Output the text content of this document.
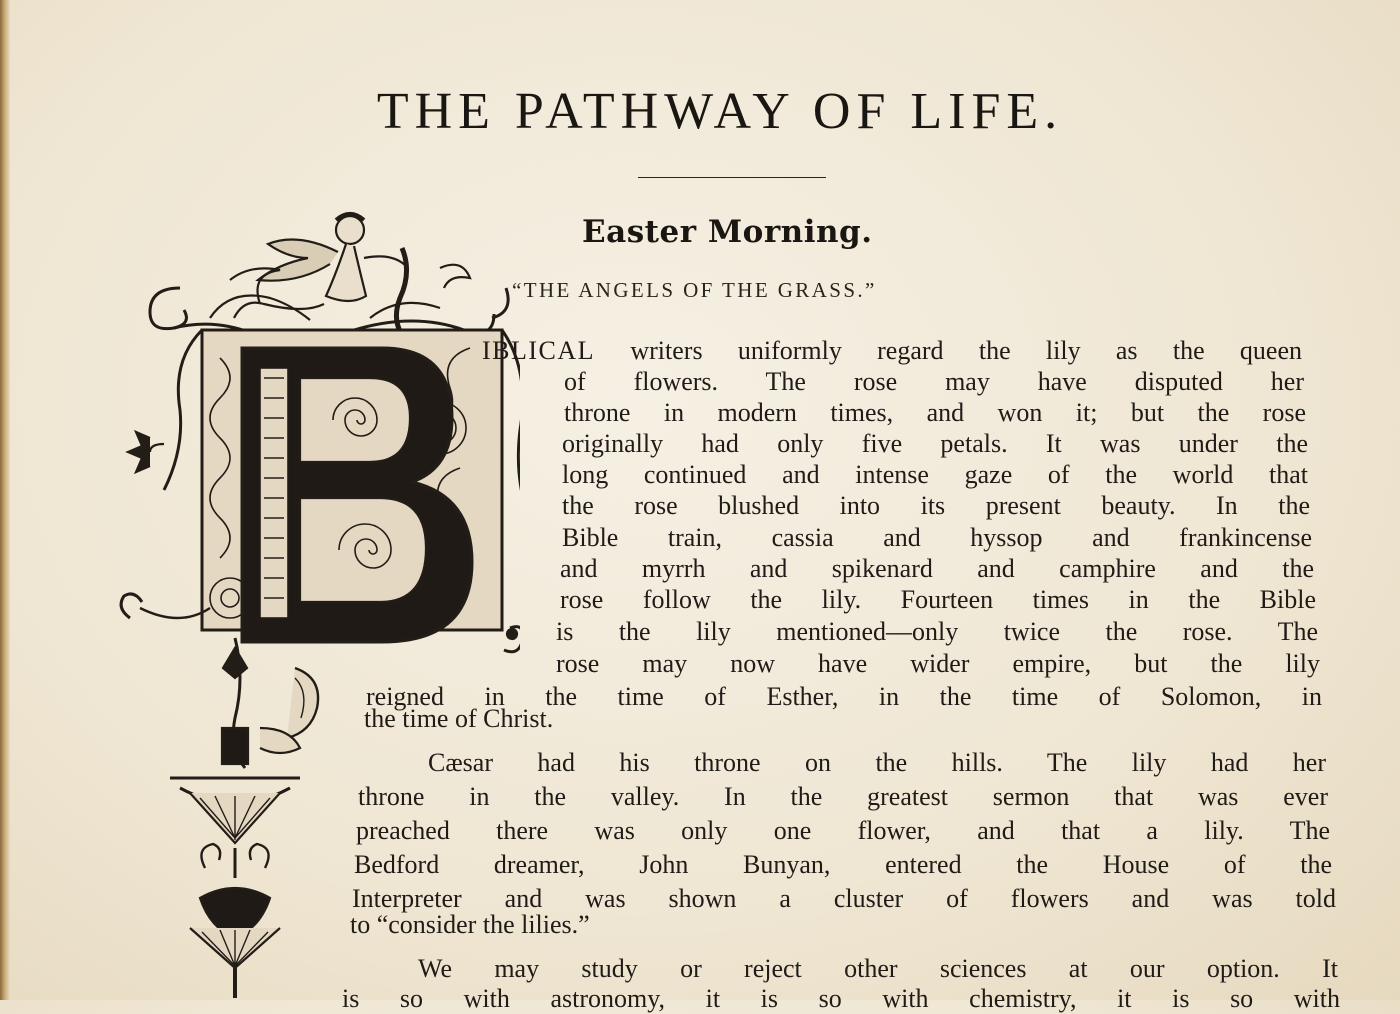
THE PATHWAY OF LIFE.
Easter Morning.

“THE ANGELS OF THE GRASS.”

IBLICAL writers uniformly regard the lily as the queen
of flowers. The rose may have disputed her
throne in modern times, and won it; but the rose
originally had only five petals. It was under the
long continued and intense gaze of the world that
the rose blushed into its present beauty. In the
Bible train, cassia and hyssop and frankincense
and myrrh and spikenard and camphire and the
rose follow the lily. Fourteen times in the Bible
is the lily mentioned—only twice the rose. The
rose may now have wider empire, but the lily
reigned in the time of Esther, in the time of Solomon, in
the time of Christ.
Cæsar had his throne on the hills. The lily had her
throne in the valley. In the greatest sermon that was ever
preached there was only one flower, and that a lily. The
Bedford dreamer, John Bunyan, entered the House of the
Interpreter and was shown a cluster of flowers and was told
to “consider the lilies.”
We may study or reject other sciences at our option. It
is so with astronomy, it is so with chemistry, it is so with
